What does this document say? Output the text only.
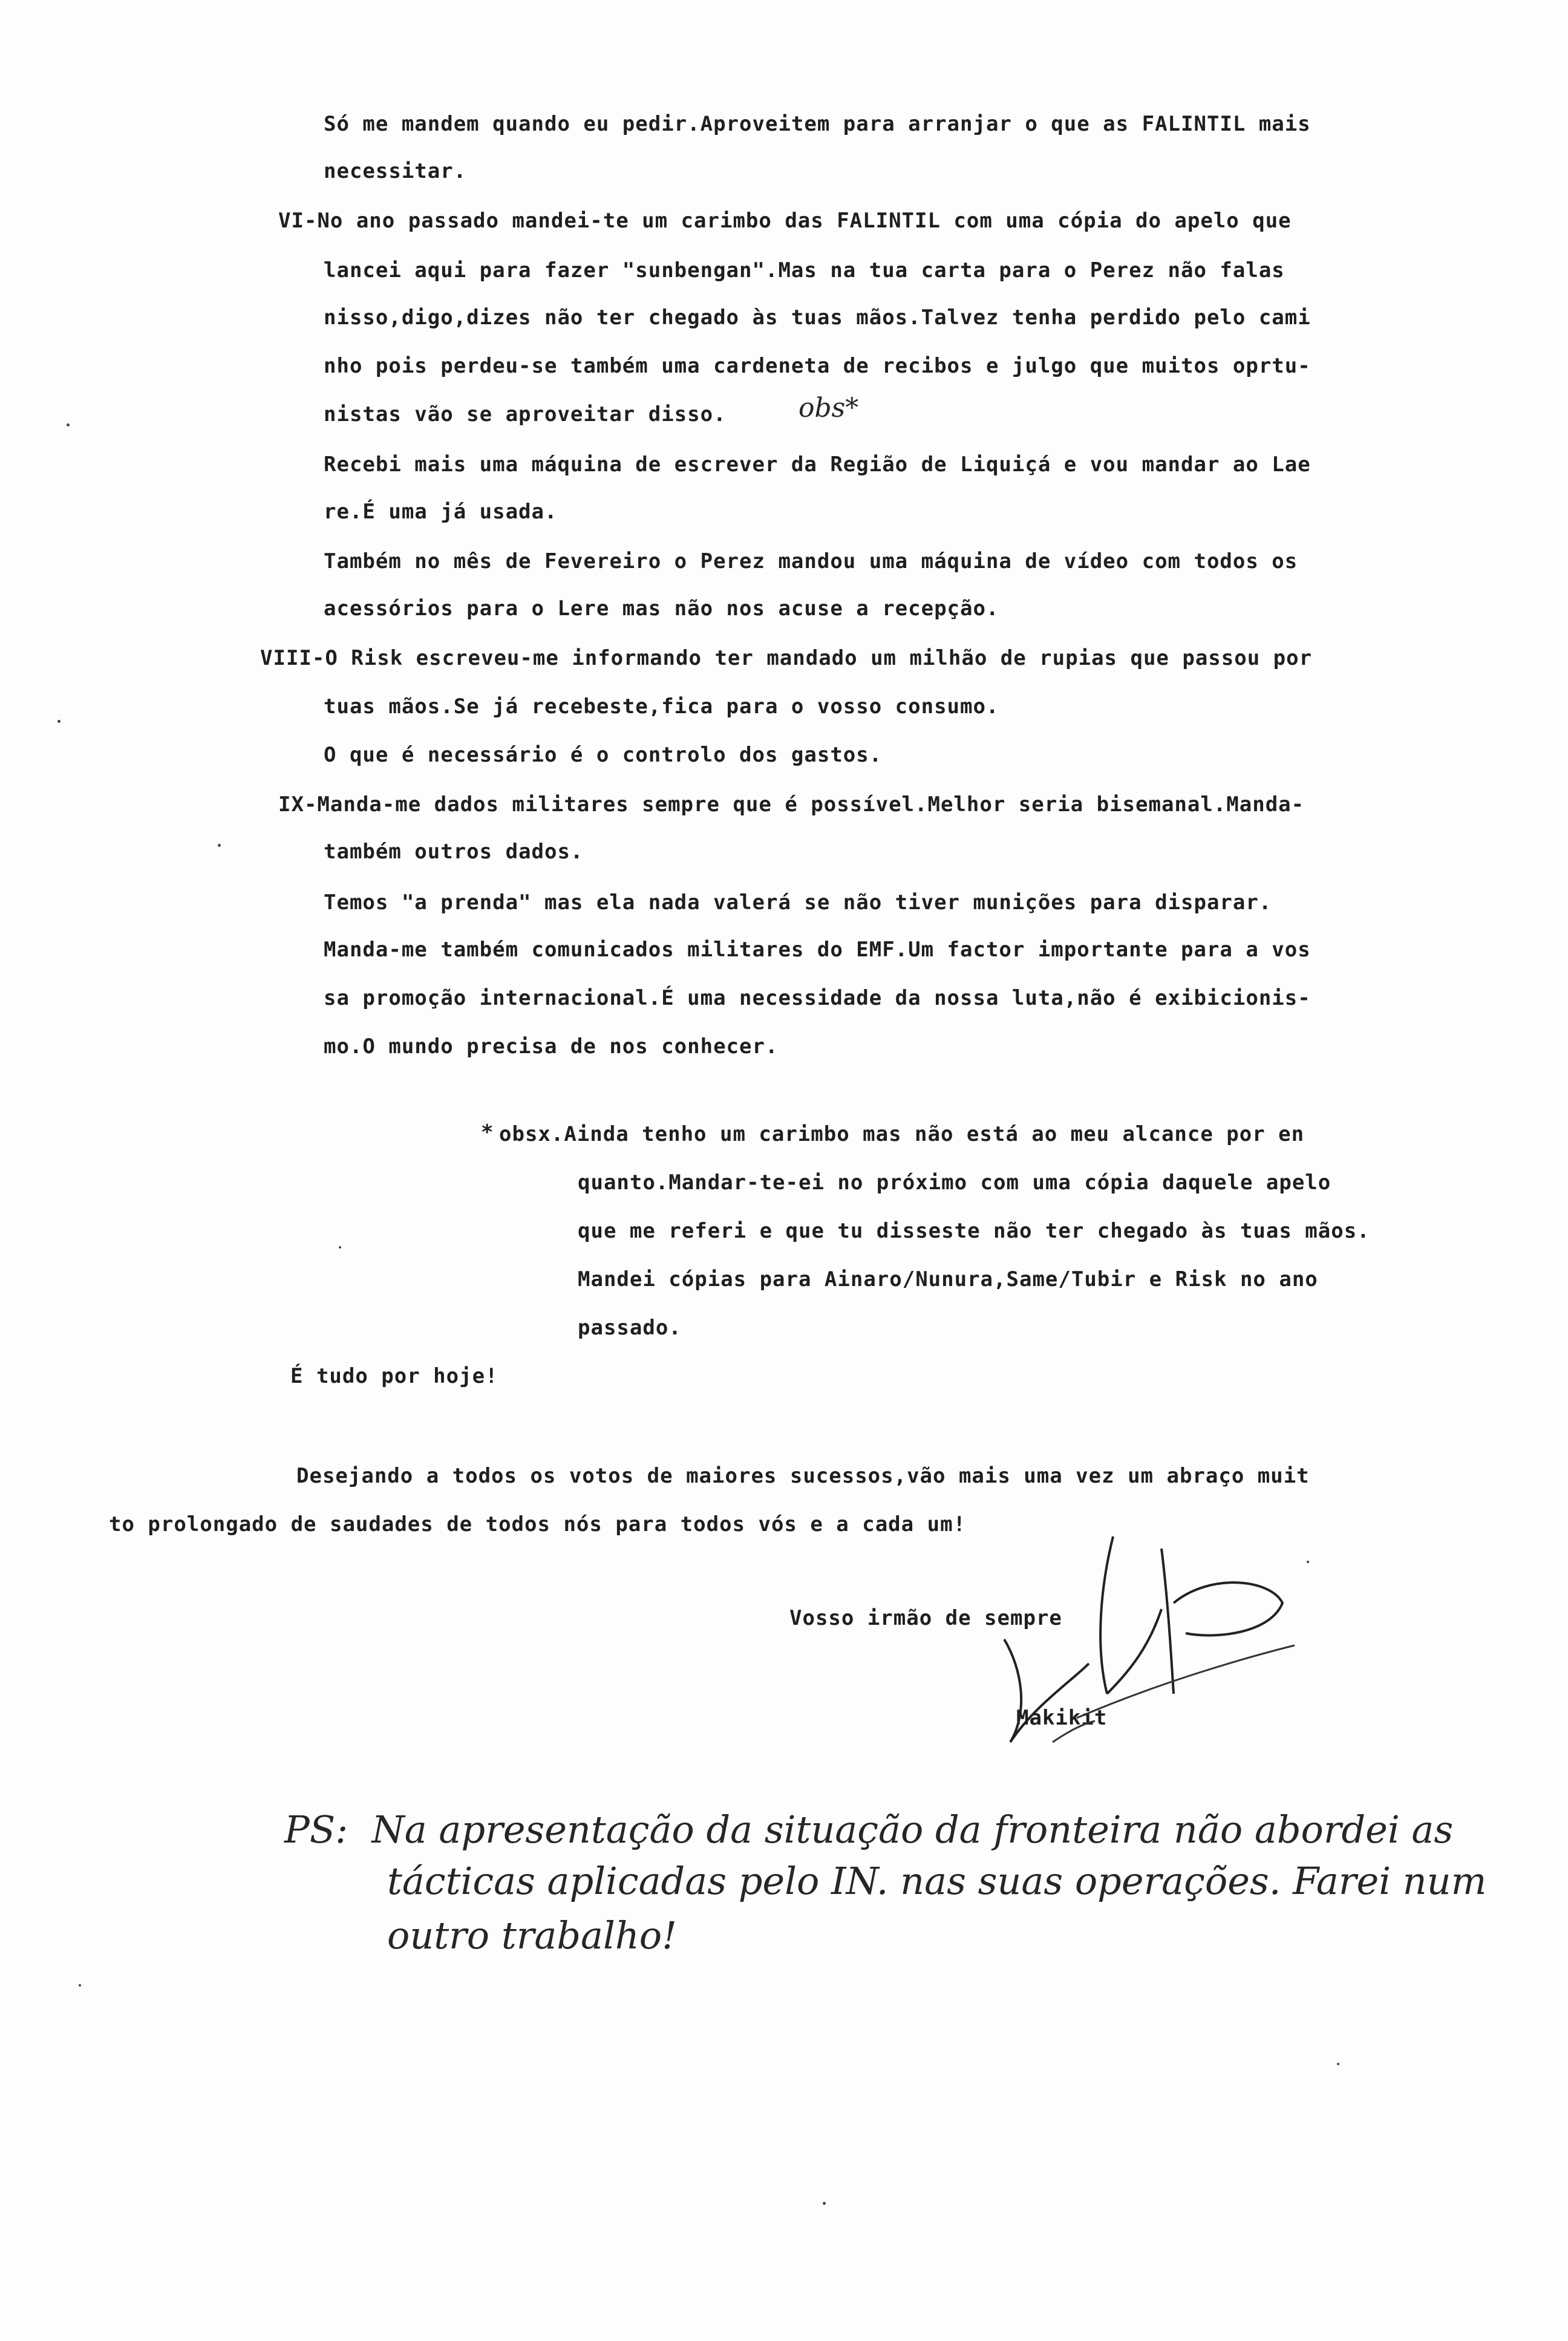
Só me mandem quando eu pedir.Aproveitem para arranjar o que as FALINTIL mais
necessitar.
VI-No ano passado mandei-te um carimbo das FALINTIL com uma cópia do apelo que
lancei aqui para fazer "sunbengan".Mas na tua carta para o Perez não falas
nisso,digo,dizes não ter chegado às tuas mãos.Talvez tenha perdido pelo cami
nho pois perdeu-se também uma cardeneta de recibos e julgo que muitos oprtu-
nistas vão se aproveitar disso.	obs*
Recebi mais uma máquina de escrever da Região de Liquiçá e vou mandar ao Lae
re.É uma já usada.
Também no mês de Fevereiro o Perez mandou uma máquina de vídeo com todos os
acessórios para o Lere mas não nos acuse a recepção.
VIII-O Risk escreveu-me informando ter mandado um milhão de rupias que passou por
tuas mãos.Se já recebeste,fica para o vosso consumo.
O que é necessário é o controlo dos gastos.
IX-Manda-me dados militares sempre que é possível.Melhor seria bisemanal.Manda-
também outros dados.
Temos "a prenda" mas ela nada valerá se não tiver munições para disparar.
Manda-me também comunicados militares do EMF.Um factor importante para a vos
sa promoção internacional.É uma necessidade da nossa luta,não é exibicionis-
mo.O mundo precisa de nos conhecer.
* obsx.Ainda tenho um carimbo mas não está ao meu alcance por en
quanto.Mandar-te-ei no próximo com uma cópia daquele apelo
que me referi e que tu disseste não ter chegado às tuas mãos.
Mandei cópias para Ainaro/Nunura,Same/Tubir e Risk no ano
passado.
É tudo por hoje!
Desejando a todos os votos de maiores sucessos,vão mais uma vez um abraço muit
to prolongado de saudades de todos nós para todos vós e a cada um!
Vosso irmão de sempre
Makikit
PS:  Na apresentação da situação da fronteira não abordei as
tácticas aplicadas pelo IN. nas suas operações. Farei num
outro trabalho!
